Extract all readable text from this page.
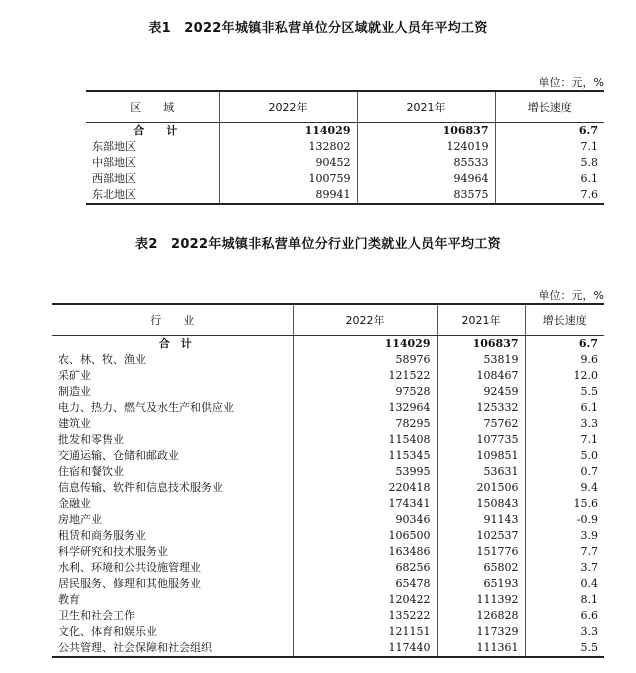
表1　2022年城镇非私营单位分区域就业人员年平均工资
单位：元，%
区　　域	2022年	2021年	增长速度
合　　计	114029	106837	6.7
东部地区	132802	124019	7.1
中部地区	90452	85533	5.8
西部地区	100759	94964	6.1
东北地区	89941	83575	7.6
表2　2022年城镇非私营单位分行业门类就业人员年平均工资
单位：元，%
行　　业	2022年	2021年	增长速度
合　计	114029	106837	6.7
农、林、牧、渔业	58976	53819	9.6
采矿业	121522	108467	12.0
制造业	97528	92459	5.5
电力、热力、燃气及水生产和供应业	132964	125332	6.1
建筑业	78295	75762	3.3
批发和零售业	115408	107735	7.1
交通运输、仓储和邮政业	115345	109851	5.0
住宿和餐饮业	53995	53631	0.7
信息传输、软件和信息技术服务业	220418	201506	9.4
金融业	174341	150843	15.6
房地产业	90346	91143	-0.9
租赁和商务服务业	106500	102537	3.9
科学研究和技术服务业	163486	151776	7.7
水利、环境和公共设施管理业	68256	65802	3.7
居民服务、修理和其他服务业	65478	65193	0.4
教育	120422	111392	8.1
卫生和社会工作	135222	126828	6.6
文化、体育和娱乐业	121151	117329	3.3
公共管理、社会保障和社会组织	117440	111361	5.5
